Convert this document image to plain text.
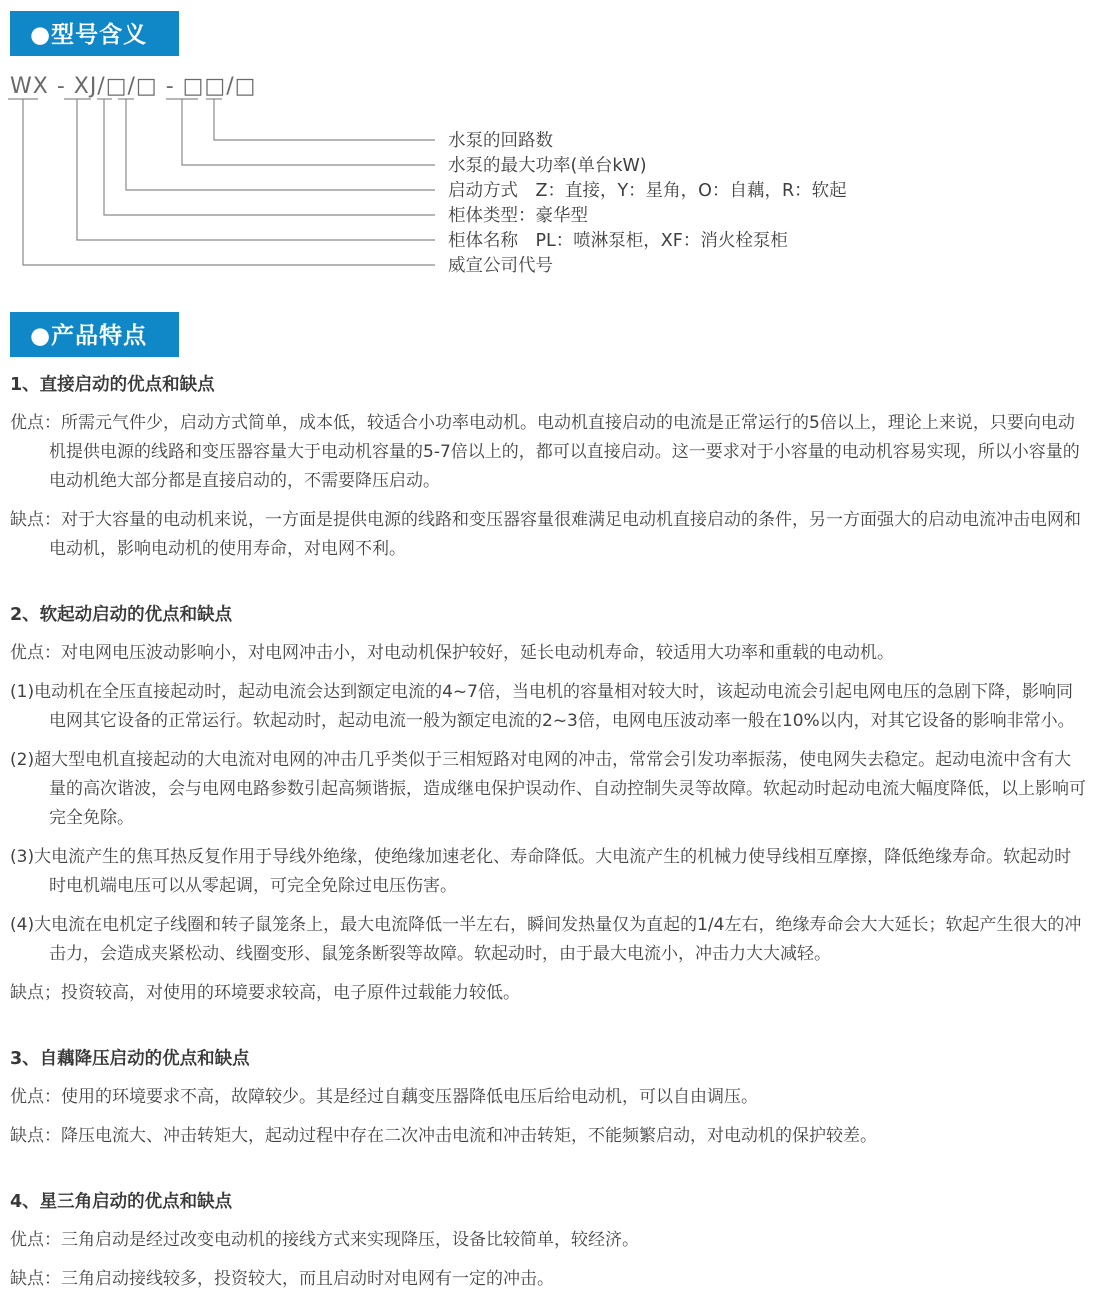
●型号含义
WX - XJ/□/□ - □□/□
水泵的回路数
水泵的最大功率(单台kW)
启动方式　Z：直接，Y：星角，O：自藕，R：软起
柜体类型：豪华型
柜体名称　PL：喷淋泵柜，XF：消火栓泵柜
威宣公司代号
●产品特点
1、直接启动的优点和缺点

优点：所需元气件少，启动方式简单，成本低，较适合小功率电动机。电动机直接启动的电流是正常运行的5倍以上，理论上来说，只要向电动机提供电源的线路和变压器容量大于电动机容量的5-7倍以上的，都可以直接启动。这一要求对于小容量的电动机容易实现，所以小容量的电动机绝大部分都是直接启动的，不需要降压启动。

缺点：对于大容量的电动机来说，一方面是提供电源的线路和变压器容量很难满足电动机直接启动的条件，另一方面强大的启动电流冲击电网和电动机，影响电动机的使用寿命，对电网不利。

2、软起动启动的优点和缺点

优点：对电网电压波动影响小，对电网冲击小，对电动机保护较好，延长电动机寿命，较适用大功率和重载的电动机。

(1)电动机在全压直接起动时，起动电流会达到额定电流的4~7倍，当电机的容量相对较大时，该起动电流会引起电网电压的急剧下降，影响同电网其它设备的正常运行。软起动时，起动电流一般为额定电流的2~3倍，电网电压波动率一般在10%以内，对其它设备的影响非常小。

(2)超大型电机直接起动的大电流对电网的冲击几乎类似于三相短路对电网的冲击，常常会引发功率振荡，使电网失去稳定。起动电流中含有大量的高次谐波，会与电网电路参数引起高频谐振，造成继电保护误动作、自动控制失灵等故障。软起动时起动电流大幅度降低，以上影响可完全免除。

(3)大电流产生的焦耳热反复作用于导线外绝缘，使绝缘加速老化、寿命降低。大电流产生的机械力使导线相互摩擦，降低绝缘寿命。软起动时时电机端电压可以从零起调，可完全免除过电压伤害。

(4)大电流在电机定子线圈和转子鼠笼条上，最大电流降低一半左右，瞬间发热量仅为直起的1/4左右，绝缘寿命会大大延长；软起产生很大的冲击力，会造成夹紧松动、线圈变形、鼠笼条断裂等故障。软起动时，由于最大电流小，冲击力大大减轻。

缺点；投资较高，对使用的环境要求较高，电子原件过载能力较低。

3、自藕降压启动的优点和缺点

优点：使用的环境要求不高，故障较少。其是经过自藕变压器降低电压后给电动机，可以自由调压。

缺点：降压电流大、冲击转矩大，起动过程中存在二次冲击电流和冲击转矩，不能频繁启动，对电动机的保护较差。

4、星三角启动的优点和缺点

优点：三角启动是经过改变电动机的接线方式来实现降压，设备比较简单，较经济。

缺点：三角启动接线较多，投资较大，而且启动时对电网有一定的冲击。
